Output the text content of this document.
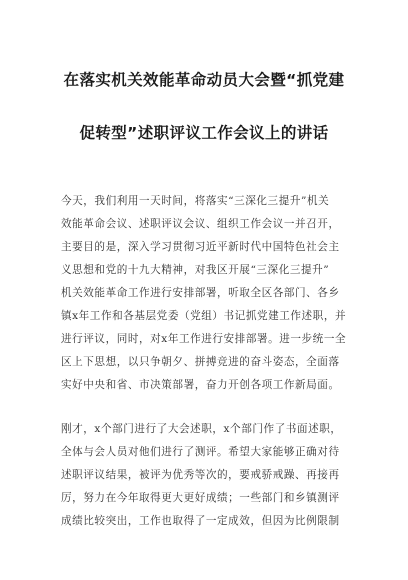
在落实机关效能革命动员大会暨“抓党建
促转型”述职评议工作会议上的讲话
今天，我们利用一天时间，将落实“三深化三提升”机关
效能革命会议、述职评议会议、组织工作会议一并召开，
主要目的是，深入学习贯彻习近平新时代中国特色社会主
义思想和党的十九大精神，对我区开展“三深化三提升”
机关效能革命工作进行安排部署，听取全区各部门、各乡
镇x年工作和各基层党委（党组）书记抓党建工作述职，并
进行评议，同时，对x年工作进行安排部署。进一步统一全
区上下思想，以只争朝夕、拼搏竞进的奋斗姿态，全面落
实好中央和省、市决策部署，奋力开创各项工作新局面。
刚才，x个部门进行了大会述职，x个部门作了书面述职，
全体与会人员对他们进行了测评。希望大家能够正确对待
述职评议结果，被评为优秀等次的，要戒骄戒躁、再接再
厉，努力在今年取得更大更好成绩；一些部门和乡镇测评
成绩比较突出，工作也取得了一定成效，但因为比例限制
